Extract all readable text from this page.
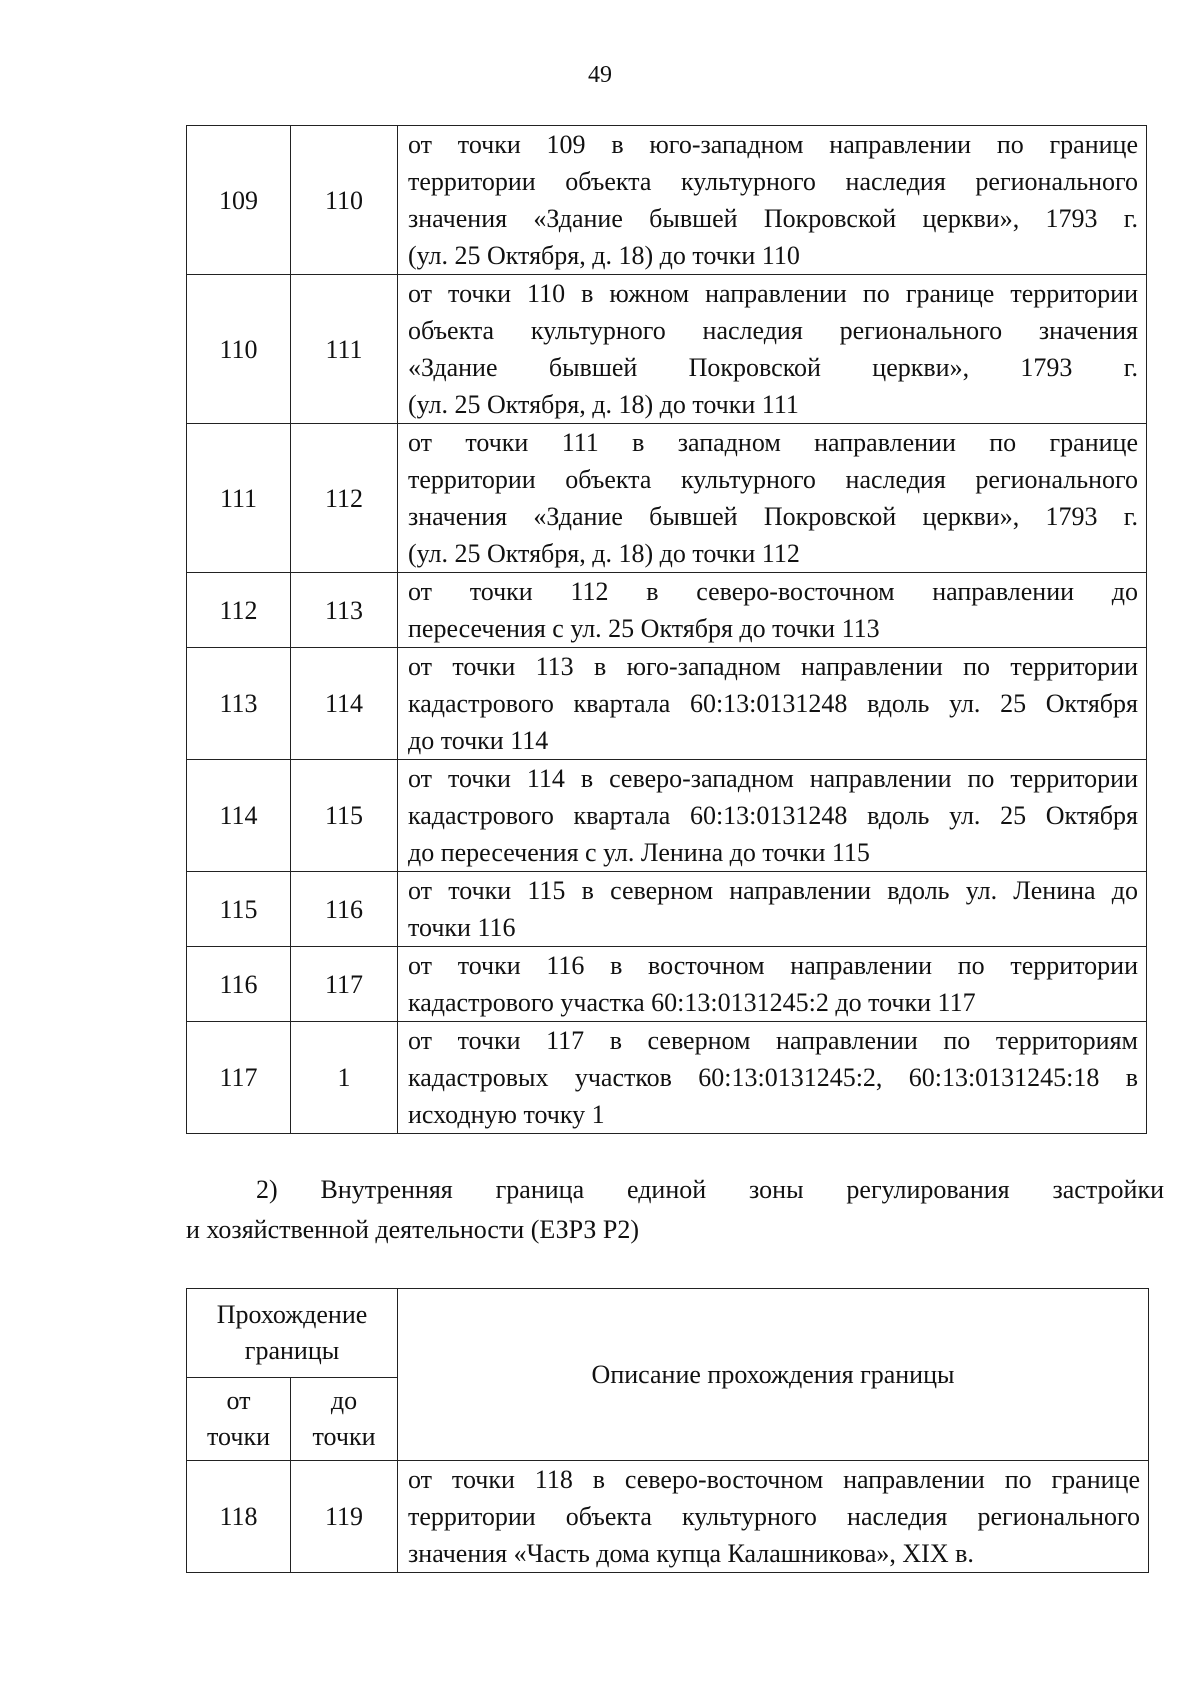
49
109	110	от точки 109 в юго-западном направлении по границе
территории объекта культурного наследия регионального
значения «Здание бывшей Покровской церкви», 1793 г.
(ул. 25 Октября, д. 18) до точки 110

110	111	от точки 110 в южном направлении по границе территории
объекта культурного наследия регионального значения
«Здание бывшей Покровской церкви», 1793 г.
(ул. 25 Октября, д. 18) до точки 111

111	112	от точки 111 в западном направлении по границе
территории объекта культурного наследия регионального
значения «Здание бывшей Покровской церкви», 1793 г.
(ул. 25 Октября, д. 18) до точки 112

112	113	от точки 112 в северо-восточном направлении до
пересечения с ул. 25 Октября до точки 113

113	114	от точки 113 в юго-западном направлении по территории
кадастрового квартала 60:13:0131248 вдоль ул. 25 Октября
до точки 114

114	115	от точки 114 в северо-западном направлении по территории
кадастрового квартала 60:13:0131248 вдоль ул. 25 Октября
до пересечения с ул. Ленина до точки 115

115	116	от точки 115 в северном направлении вдоль ул. Ленина до
точки 116

116	117	от точки 116 в восточном направлении по территории
кадастрового участка 60:13:0131245:2 до точки 117

117	1	от точки 117 в северном направлении по территориям
кадастровых участков 60:13:0131245:2, 60:13:0131245:18 в
исходную точку 1
2) Внутренняя граница единой зоны регулирования застройки
и хозяйственной деятельности (ЕЗРЗ Р2)
Прохождение границы		Описание прохождения границы
от точки	до точки	
118	119	от точки 118 в северо-восточном направлении по границе
территории объекта культурного наследия регионального
значения «Часть дома купца Калашникова», XIX в.
